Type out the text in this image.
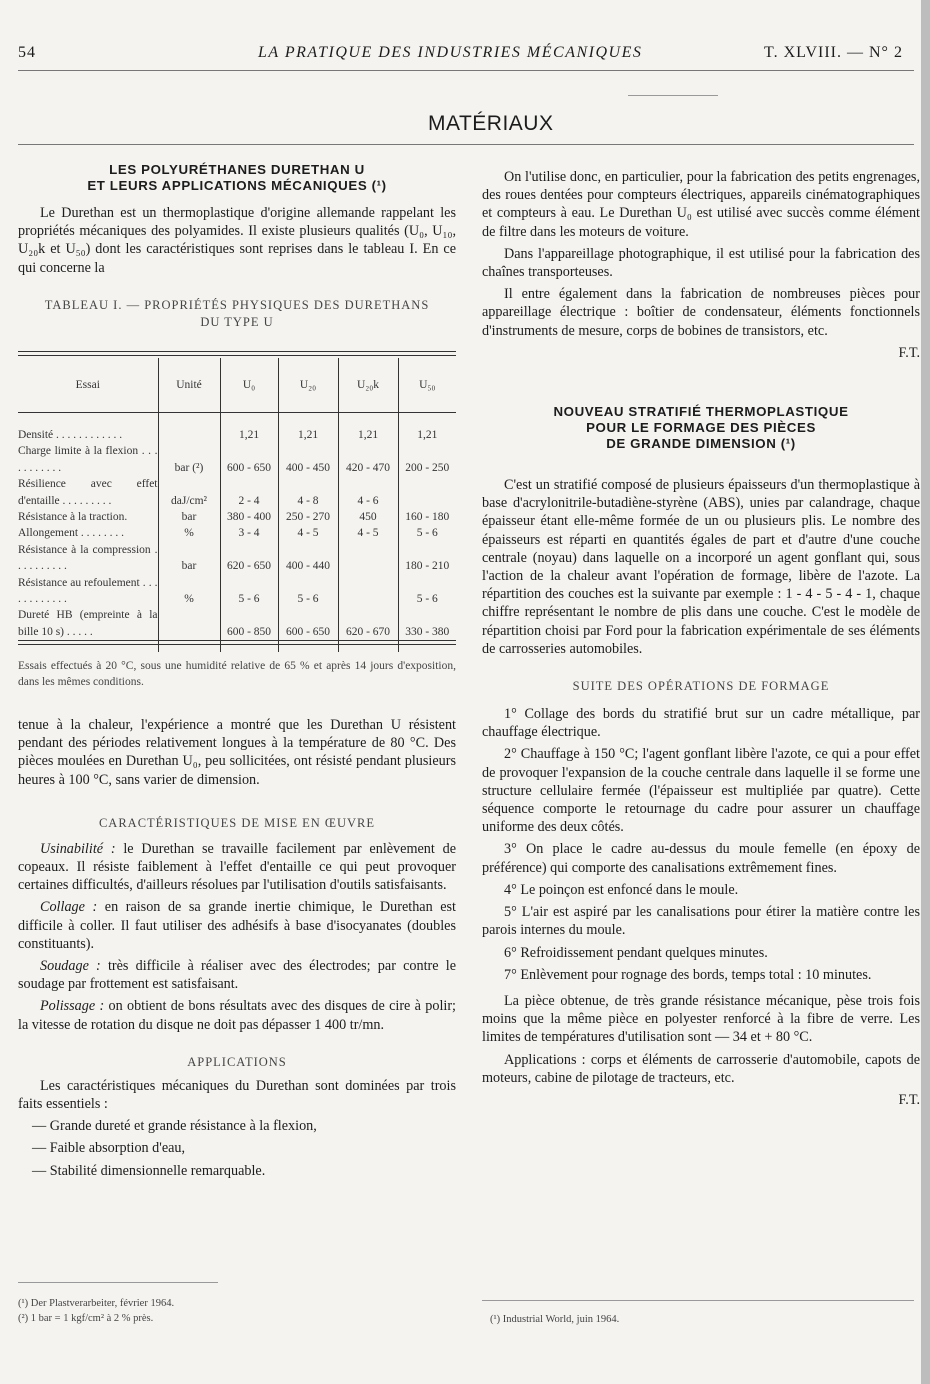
54	LA PRATIQUE DES INDUSTRIES MÉCANIQUES	T. XLVIII. — N° 2
MATÉRIAUX
LES POLYURÉTHANES DURETHAN U
ET LEURS APPLICATIONS MÉCANIQUES (¹)

Le Durethan est un thermoplastique d'origine allemande rappelant les propriétés mécaniques des polyamides. Il existe plusieurs qualités (U₀, U₁₀, U₂₀k et U₅₀) dont les caractéristiques sont reprises dans le tableau I. En ce qui concerne la

TABLEAU I. — PROPRIÉTÉS PHYSIQUES DES DURETHANS
DU TYPE U
Essai	Unité	U₀	U₂₀	U₂₀k	U₅₀
Densité . . . . . . . . . . . .		1,21	1,21	1,21	1,21
Charge limite à la flexion . . . . . . . . . . .	bar (²)	600 - 650	400 - 450	420 - 470	200 - 250
Résilience avec effet d'entaille . . . . . . . . .	daJ/cm²	2 - 4	4 - 8	4 - 6	
Résistance à la traction.	bar	380 - 400	250 - 270	450	160 - 180
Allongement . . . . . . . .	%	3 - 4	4 - 5	4 - 5	5 - 6
Résistance à la compression . . . . . . . . . .	bar	620 - 650	400 - 440		180 - 210
Résistance au refoulement . . . . . . . . . . . .	%	5 - 6	5 - 6		5 - 6
Dureté HB (empreinte à la bille 10 s) . . . . .		600 - 850	600 - 650	620 - 670	330 - 380
Essais effectués à 20 °C, sous une humidité relative de 65 % et après 14 jours d'exposition, dans les mêmes conditions.

tenue à la chaleur, l'expérience a montré que les Durethan U résistent pendant des périodes relativement longues à la température de 80 °C. Des pièces moulées en Durethan U₀, peu sollicitées, ont résisté pendant plusieurs heures à 100 °C, sans varier de dimension.

CARACTÉRISTIQUES DE MISE EN ŒUVRE

Usinabilité : le Durethan se travaille facilement par enlèvement de copeaux. Il résiste faiblement à l'effet d'entaille ce qui peut provoquer certaines difficultés, d'ailleurs résolues par l'utilisation d'outils satisfaisants.

Collage : en raison de sa grande inertie chimique, le Durethan est difficile à coller. Il faut utiliser des adhésifs à base d'isocyanates (doubles constituants).

Soudage : très difficile à réaliser avec des électrodes; par contre le soudage par frottement est satisfaisant.

Polissage : on obtient de bons résultats avec des disques de cire à polir; la vitesse de rotation du disque ne doit pas dépasser 1 400 tr/mn.

APPLICATIONS

Les caractéristiques mécaniques du Durethan sont dominées par trois faits essentiels :

— Grande dureté et grande résistance à la flexion,
— Faible absorption d'eau,
— Stabilité dimensionnelle remarquable.
(¹) Der Plastverarbeiter, février 1964.
(²) 1 bar = 1 kgf/cm² à 2 % près.

On l'utilise donc, en particulier, pour la fabrication des petits engrenages, des roues dentées pour compteurs électriques, appareils cinématographiques et compteurs à eau. Le Durethan U₀ est utilisé avec succès comme élément de filtre dans les moteurs de voiture.

Dans l'appareillage photographique, il est utilisé pour la fabrication des chaînes transporteuses.

Il entre également dans la fabrication de nombreuses pièces pour appareillage électrique : boîtier de condensateur, éléments fonctionnels d'instruments de mesure, corps de bobines de transistors, etc.

F.T.
NOUVEAU STRATIFIÉ THERMOPLASTIQUE
POUR LE FORMAGE DES PIÈCES
DE GRANDE DIMENSION (¹)

C'est un stratifié composé de plusieurs épaisseurs d'un thermoplastique à base d'acrylonitrile-butadiène-styrène (ABS), unies par calandrage, chaque épaisseur étant elle-même formée de un ou plusieurs plis. Le nombre des épaisseurs est réparti en quantités égales de part et d'autre d'une couche centrale (noyau) dans laquelle on a incorporé un agent gonflant qui, sous l'action de la chaleur avant l'opération de formage, libère de l'azote. La répartition des couches est la suivante par exemple : 1 - 4 - 5 - 4 - 1, chaque chiffre représentant le nombre de plis dans une couche. C'est le modèle de répartition choisi par Ford pour la fabrication expérimentale de ses éléments de carrosseries automobiles.

SUITE DES OPÉRATIONS DE FORMAGE

1° Collage des bords du stratifié brut sur un cadre métallique, par chauffage électrique.

2° Chauffage à 150 °C; l'agent gonflant libère l'azote, ce qui a pour effet de provoquer l'expansion de la couche centrale dans laquelle il se forme une structure cellulaire fermée (l'épaisseur est multipliée par quatre). Cette séquence comporte le retournage du cadre pour assurer un chauffage uniforme des deux côtés.

3° On place le cadre au-dessus du moule femelle (en époxy de préférence) qui comporte des canalisations extrêmement fines.

4° Le poinçon est enfoncé dans le moule.

5° L'air est aspiré par les canalisations pour étirer la matière contre les parois internes du moule.

6° Refroidissement pendant quelques minutes.

7° Enlèvement pour rognage des bords, temps total : 10 minutes.

La pièce obtenue, de très grande résistance mécanique, pèse trois fois moins que la même pièce en polyester renforcé à la fibre de verre. Les limites de températures d'utilisation sont — 34 et + 80 °C.

Applications : corps et éléments de carrosserie d'automobile, capots de moteurs, cabine de pilotage de tracteurs, etc.

F.T.
(¹) Industrial World, juin 1964.
